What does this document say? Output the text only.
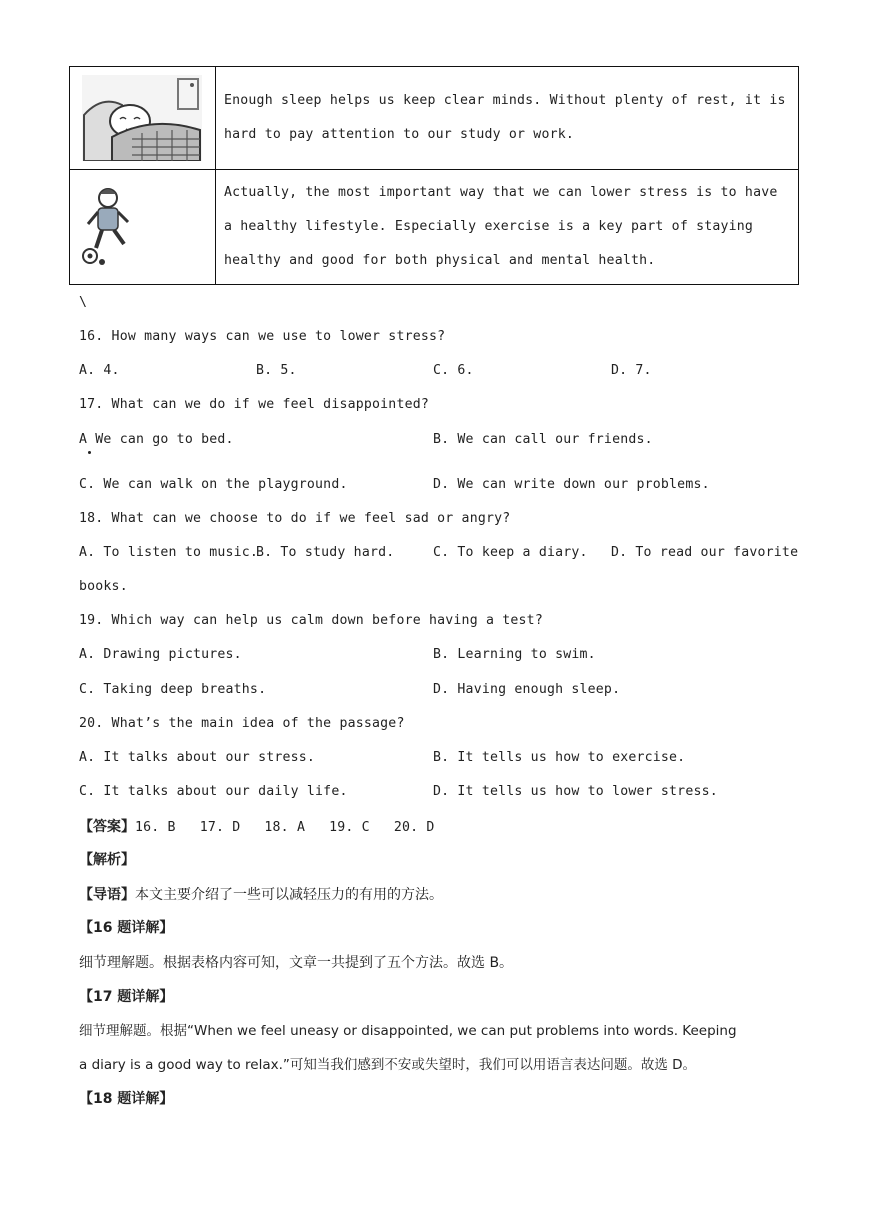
	Enough sleep helps us keep clear minds. Without plenty of rest, it is hard to pay attention to our study or work.

	Actually, the most important way that we can lower stress is to have a healthy lifestyle. Especially exercise is a key part of staying healthy and good for both physical and mental health.
\
16. How many ways can we use to lower stress?
A. 4.	B. 5.	C. 6.	D. 7.
17. What can we do if we feel disappointed?
A We can go to bed.	B. We can call our friends.
C. We can walk on the playground.	D. We can write down our problems.
18. What can we choose to do if we feel sad or angry?
A. To listen to music.
B. To study hard.	C. To keep a diary. D. To read our favorite
books.
19. Which way can help us calm down before having a test?
A. Drawing pictures.	B. Learning to swim.
C. Taking deep breaths.	D. Having enough sleep.
20. What’s the main idea of the passage?
A. It talks about our stress.	B. It tells us how to exercise.
C. It talks about our daily life.	D. It tells us how to lower stress.
【答案】16. B 17. D 18. A 19. C 20. D
【解析】
【导语】本文主要介绍了一些可以减轻压力的有用的方法。
【16 题详解】
细节理解题。根据表格内容可知，文章一共提到了五个方法。故选 B。
【17 题详解】
细节理解题。根据“When we feel uneasy or disappointed, we can put problems into words. Keeping
a diary is a good way to relax.”可知当我们感到不安或失望时，我们可以用语言表达问题。故选 D。
【18 题详解】
